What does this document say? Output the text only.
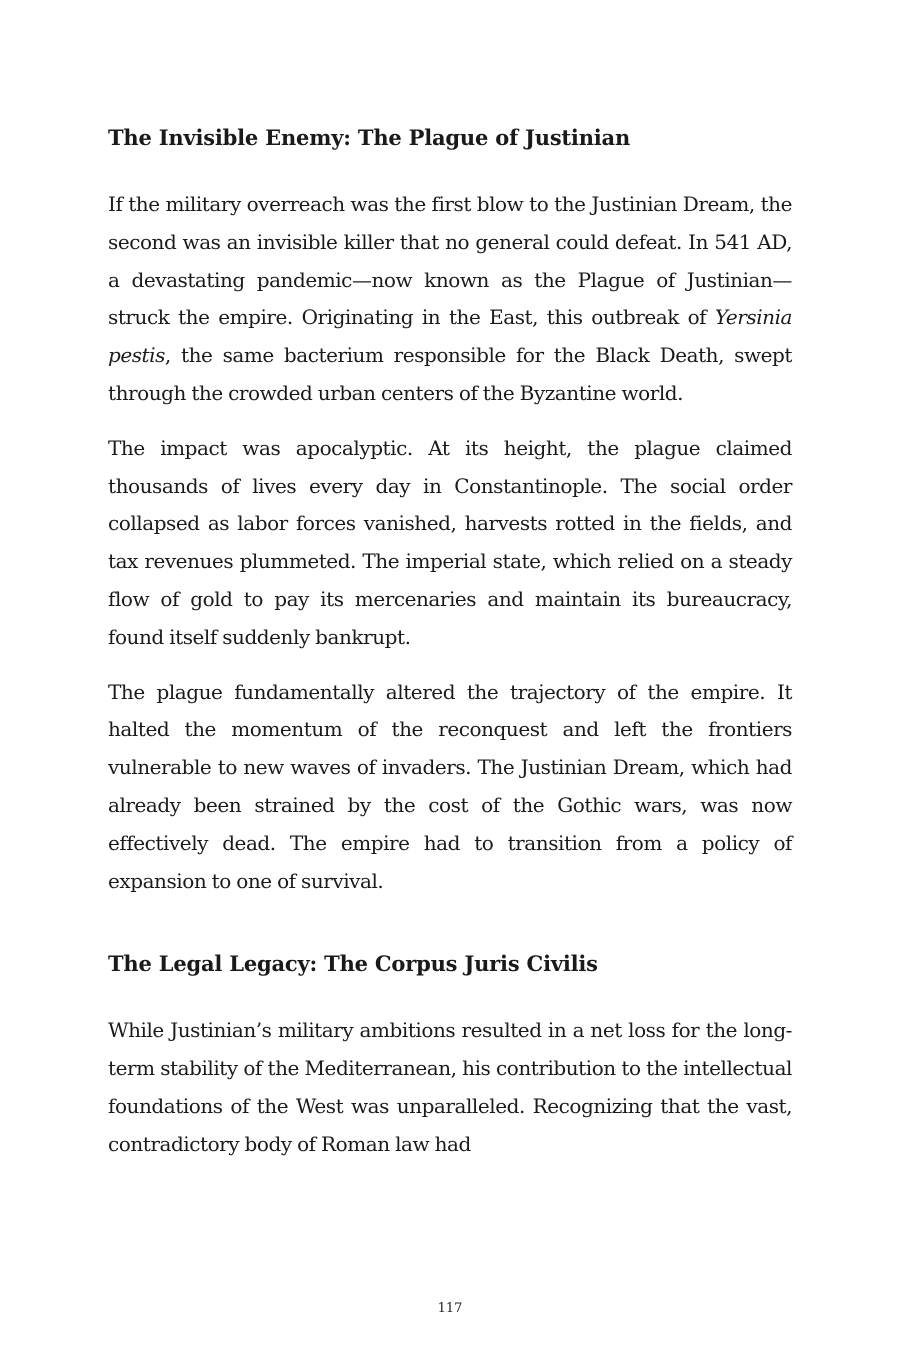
The Invisible Enemy: The Plague of Justinian

If the military overreach was the first blow to the Justinian Dream, the second was an invisible killer that no general could defeat. In 541 AD, a devastating pandemic—now known as the Plague of Justinian—struck the empire. Originating in the East, this outbreak of Yersinia pestis, the same bacterium responsible for the Black Death, swept through the crowded urban centers of the Byzantine world.

The impact was apocalyptic. At its height, the plague claimed thousands of lives every day in Constantinople. The social order collapsed as labor forces vanished, harvests rotted in the fields, and tax revenues plummeted. The imperial state, which relied on a steady flow of gold to pay its mercenaries and maintain its bureaucracy, found itself suddenly bankrupt.

The plague fundamentally altered the trajectory of the empire. It halted the momentum of the reconquest and left the frontiers vulnerable to new waves of invaders. The Justinian Dream, which had already been strained by the cost of the Gothic wars, was now effectively dead. The empire had to transition from a policy of expansion to one of survival.

The Legal Legacy: The Corpus Juris Civilis

While Justinian’s military ambitions resulted in a net loss for the long-term stability of the Mediterranean, his contribution to the intellectual foundations of the West was unparalleled. Recognizing that the vast, contradictory body of Roman law had

117
